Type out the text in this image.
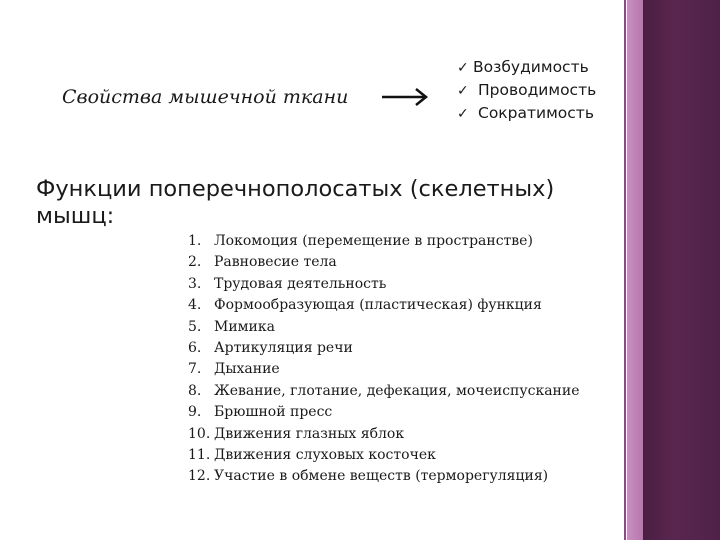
Свойства мышечной ткани
✓ Возбудимость
✓ Проводимость
✓ Сократимость
Функции поперечнополосатых (скелетных) мышц:
1. Локомоция (перемещение в пространстве)
2. Равновесие тела
3. Трудовая деятельность
4. Формообразующая (пластическая) функция
5. Мимика
6. Артикуляция речи
7. Дыхание
8. Жевание, глотание, дефекация, мочеиспускание
9. Брюшной пресс
10. Движения глазных яблок
11. Движения слуховых косточек
12. Участие в обмене веществ (терморегуляция)
